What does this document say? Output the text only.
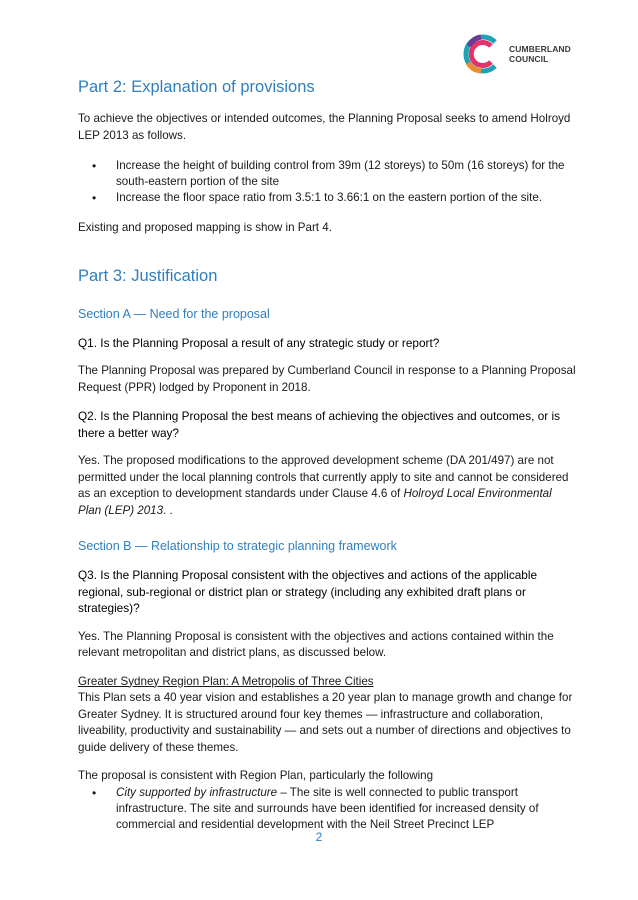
CUMBERLAND
COUNCIL
Part 2: Explanation of provisions

To achieve the objectives or intended outcomes, the Planning Proposal seeks to amend Holroyd LEP 2013 as follows.

• Increase the height of building control from 39m (12 storeys) to 50m (16 storeys) for the south-eastern portion of the site
• Increase the floor space ratio from 3.5:1 to 3.66:1 on the eastern portion of the site.

Existing and proposed mapping is show in Part 4.

Part 3: Justification
Section A — Need for the proposal

Q1. Is the Planning Proposal a result of any strategic study or report?

The Planning Proposal was prepared by Cumberland Council in response to a Planning Proposal Request (PPR) lodged by Proponent in 2018.

Q2. Is the Planning Proposal the best means of achieving the objectives and outcomes, or is there a better way?

Yes. The proposed modifications to the approved development scheme (DA 201/497) are not permitted under the local planning controls that currently apply to site and cannot be considered as an exception to development standards under Clause 4.6 of Holroyd Local Environmental Plan (LEP) 2013. .

Section B — Relationship to strategic planning framework

Q3. Is the Planning Proposal consistent with the objectives and actions of the applicable regional, sub-regional or district plan or strategy (including any exhibited draft plans or strategies)?

Yes. The Planning Proposal is consistent with the objectives and actions contained within the relevant metropolitan and district plans, as discussed below.

Greater Sydney Region Plan: A Metropolis of Three Cities

This Plan sets a 40 year vision and establishes a 20 year plan to manage growth and change for Greater Sydney. It is structured around four key themes — infrastructure and collaboration, liveability, productivity and sustainability — and sets out a number of directions and objectives to guide delivery of these themes.

The proposal is consistent with Region Plan, particularly the following

• City supported by infrastructure – The site is well connected to public transport infrastructure. The site and surrounds have been identified for increased density of commercial and residential development with the Neil Street Precinct LEP
2
